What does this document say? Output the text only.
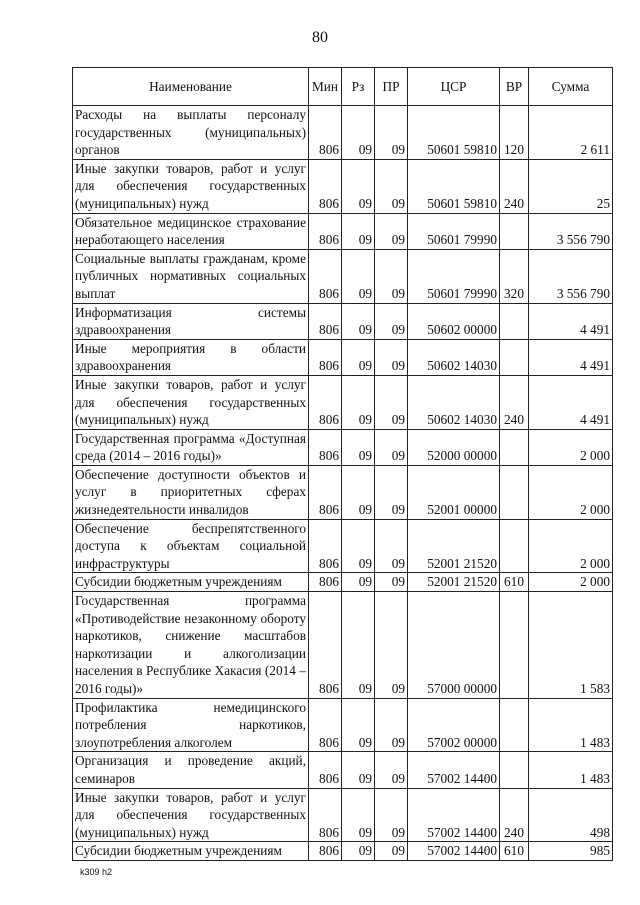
80
Наименование	Мин	Рз	ПР	ЦСР	ВР	Сумма
Расходы на выплаты персоналу государственных (муниципальных) органов	806	09	09	50601 59810	120	2 611
Иные закупки товаров, работ и услуг для обеспечения государственных (муниципальных) нужд	806	09	09	50601 59810	240	25
Обязательное медицинское страхование неработающего населения	806	09	09	50601 79990		3 556 790
Социальные выплаты гражданам, кроме публичных нормативных социальных выплат	806	09	09	50601 79990	320	3 556 790
Информатизация системы здравоохранения	806	09	09	50602 00000		4 491
Иные мероприятия в области здравоохранения	806	09	09	50602 14030		4 491
Иные закупки товаров, работ и услуг для обеспечения государственных (муниципальных) нужд	806	09	09	50602 14030	240	4 491
Государственная программа «Доступная среда (2014 – 2016 годы)»	806	09	09	52000 00000		2 000
Обеспечение доступности объектов и услуг в приоритетных сферах жизнедеятельности инвалидов	806	09	09	52001 00000		2 000
Обеспечение беспрепятственного доступа к объектам социальной инфраструктуры	806	09	09	52001 21520		2 000
Субсидии бюджетным учреждениям	806	09	09	52001 21520	610	2 000
Государственная программа «Противодействие незаконному обороту наркотиков, снижение масштабов наркотизации и алкоголизации населения в Республике Хакасия (2014 – 2016 годы)»	806	09	09	57000 00000		1 583
Профилактика немедицинского потребления наркотиков, злоупотребления алкоголем	806	09	09	57002 00000		1 483
Организация и проведение акций, семинаров	806	09	09	57002 14400		1 483
Иные закупки товаров, работ и услуг для обеспечения государственных (муниципальных) нужд	806	09	09	57002 14400	240	498
Субсидии бюджетным учреждениям	806	09	09	57002 14400	610	985
k309 h2
